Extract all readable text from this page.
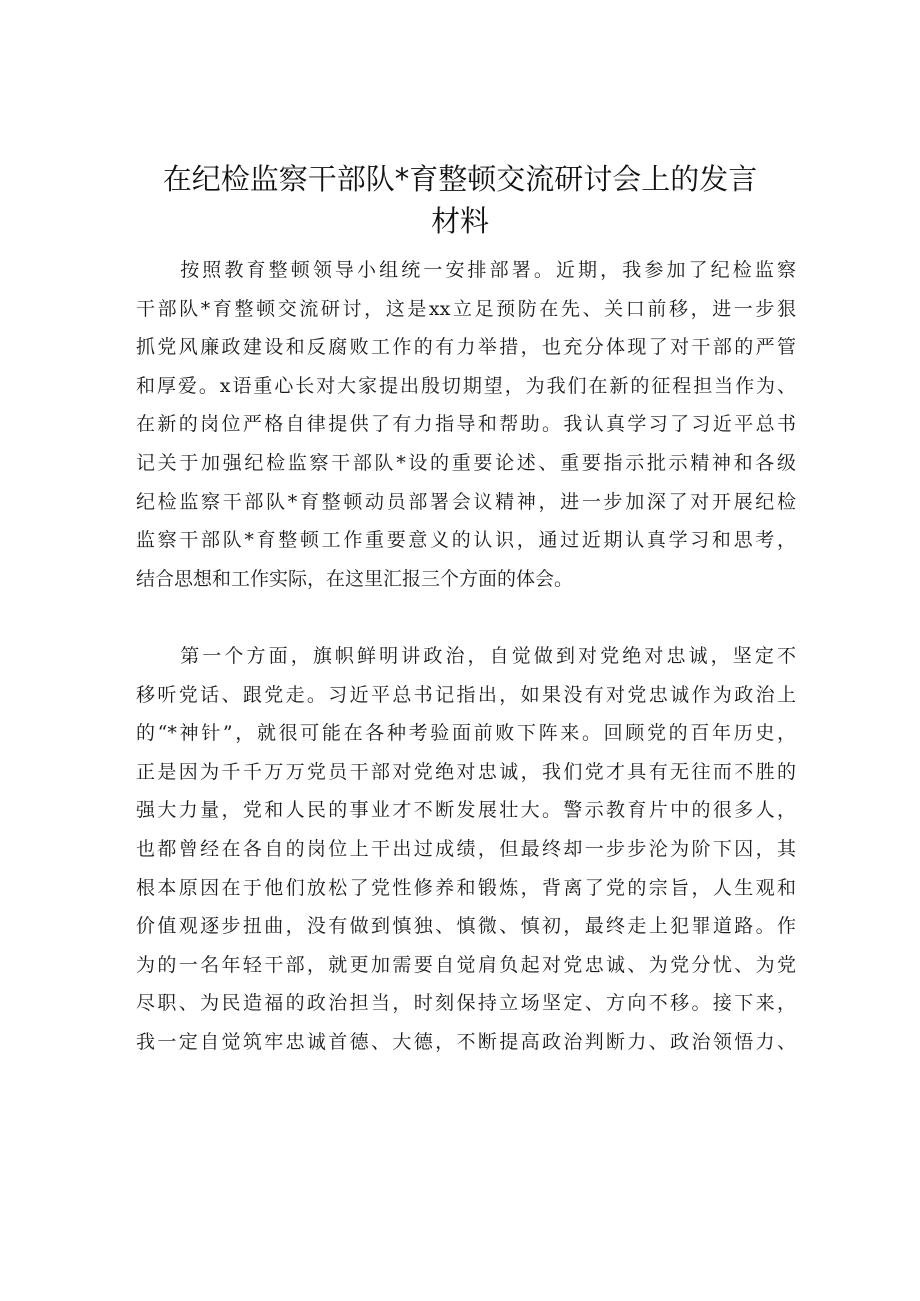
在纪检监察干部队*育整顿交流研讨会上的发言
材料

　　按照教育整顿领导小组统一安排部署。近期，我参加了纪检监察
干部队*育整顿交流研讨，这是xx立足预防在先、关口前移，进一步狠
抓党风廉政建设和反腐败工作的有力举措，也充分体现了对干部的严管
和厚爱。x语重心长对大家提出殷切期望，为我们在新的征程担当作为、
在新的岗位严格自律提供了有力指导和帮助。我认真学习了习近平总书
记关于加强纪检监察干部队*设的重要论述、重要指示批示精神和各级
纪检监察干部队*育整顿动员部署会议精神，进一步加深了对开展纪检
监察干部队*育整顿工作重要意义的认识，通过近期认真学习和思考，
结合思想和工作实际，在这里汇报三个方面的体会。

　　第一个方面，旗帜鲜明讲政治，自觉做到对党绝对忠诚，坚定不
移听党话、跟党走。习近平总书记指出，如果没有对党忠诚作为政治上
的“*神针”，就很可能在各种考验面前败下阵来。回顾党的百年历史，
正是因为千千万万党员干部对党绝对忠诚，我们党才具有无往而不胜的
强大力量，党和人民的事业才不断发展壮大。警示教育片中的很多人，
也都曾经在各自的岗位上干出过成绩，但最终却一步步沦为阶下囚，其
根本原因在于他们放松了党性修养和锻炼，背离了党的宗旨，人生观和
价值观逐步扭曲，没有做到慎独、慎微、慎初，最终走上犯罪道路。作
为的一名年轻干部，就更加需要自觉肩负起对党忠诚、为党分忧、为党
尽职、为民造福的政治担当，时刻保持立场坚定、方向不移。接下来，
我一定自觉筑牢忠诚首德、大德，不断提高政治判断力、政治领悟力、
